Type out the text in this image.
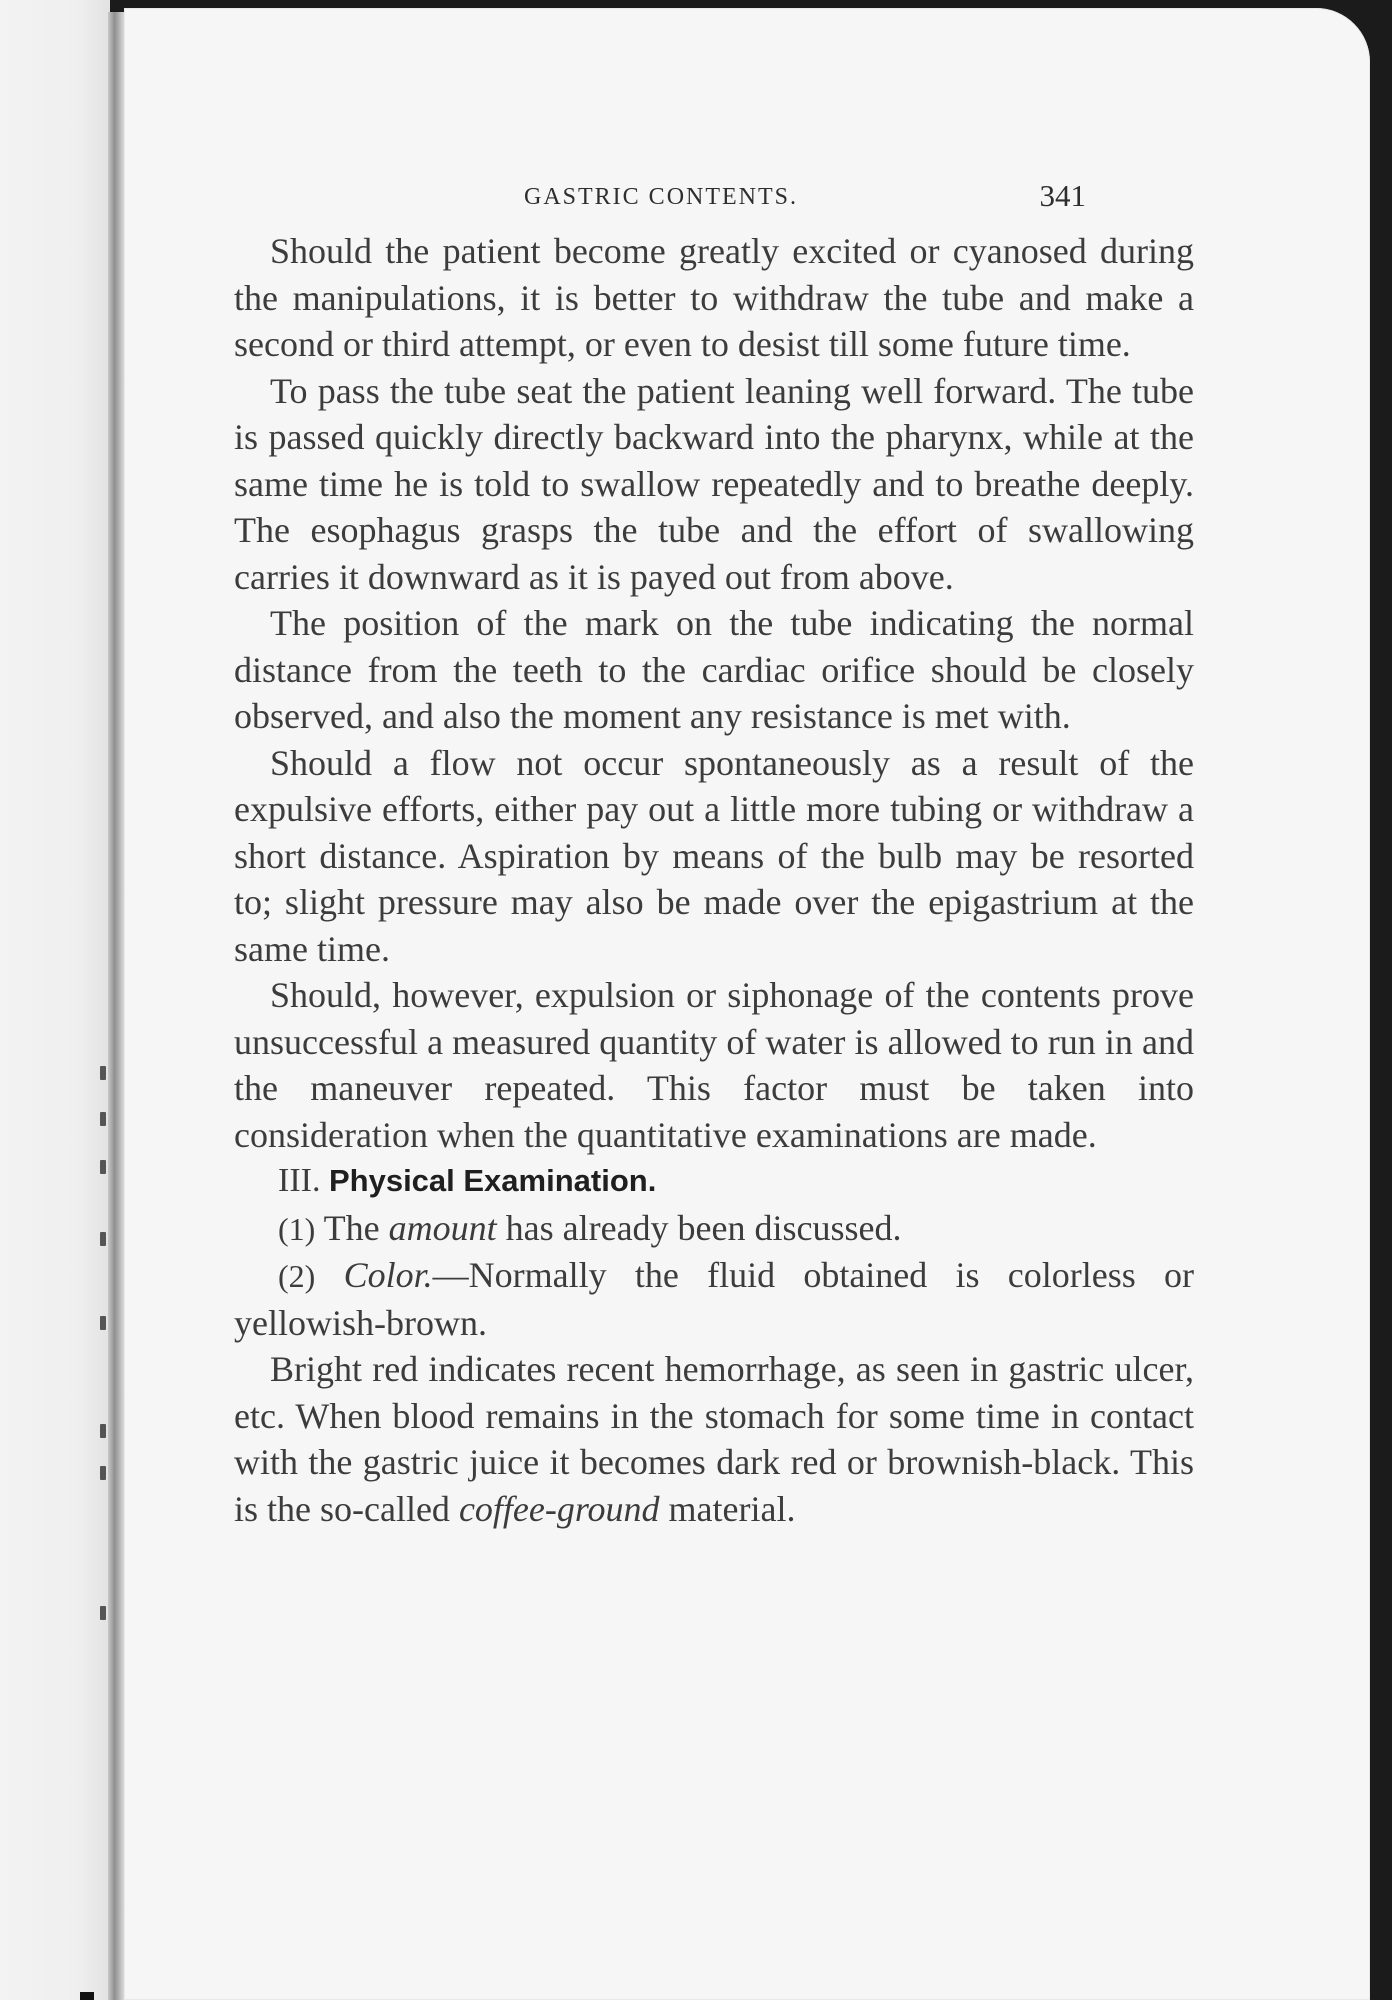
GASTRIC CONTENTS.	341

Should the patient become greatly excited or cyanosed during the manipulations, it is better to withdraw the tube and make a second or third attempt, or even to desist till some future time.

To pass the tube seat the patient leaning well forward. The tube is passed quickly directly backward into the pharynx, while at the same time he is told to swallow repeatedly and to breathe deeply. The esophagus grasps the tube and the effort of swallowing carries it downward as it is payed out from above.

The position of the mark on the tube indicating the normal distance from the teeth to the cardiac orifice should be closely observed, and also the moment any resistance is met with.

Should a flow not occur spontaneously as a result of the expulsive efforts, either pay out a little more tubing or withdraw a short distance. Aspiration by means of the bulb may be resorted to; slight pressure may also be made over the epigastrium at the same time.

Should, however, expulsion or siphonage of the contents prove unsuccessful a measured quantity of water is allowed to run in and the maneuver repeated. This factor must be taken into consideration when the quantitative examinations are made.

III. Physical Examination.

(1) The amount has already been discussed.

(2) Color.—Normally the fluid obtained is colorless or yellowish-brown.

Bright red indicates recent hemorrhage, as seen in gastric ulcer, etc. When blood remains in the stomach for some time in contact with the gastric juice it becomes dark red or brownish-black. This is the so-called coffee-ground material.
